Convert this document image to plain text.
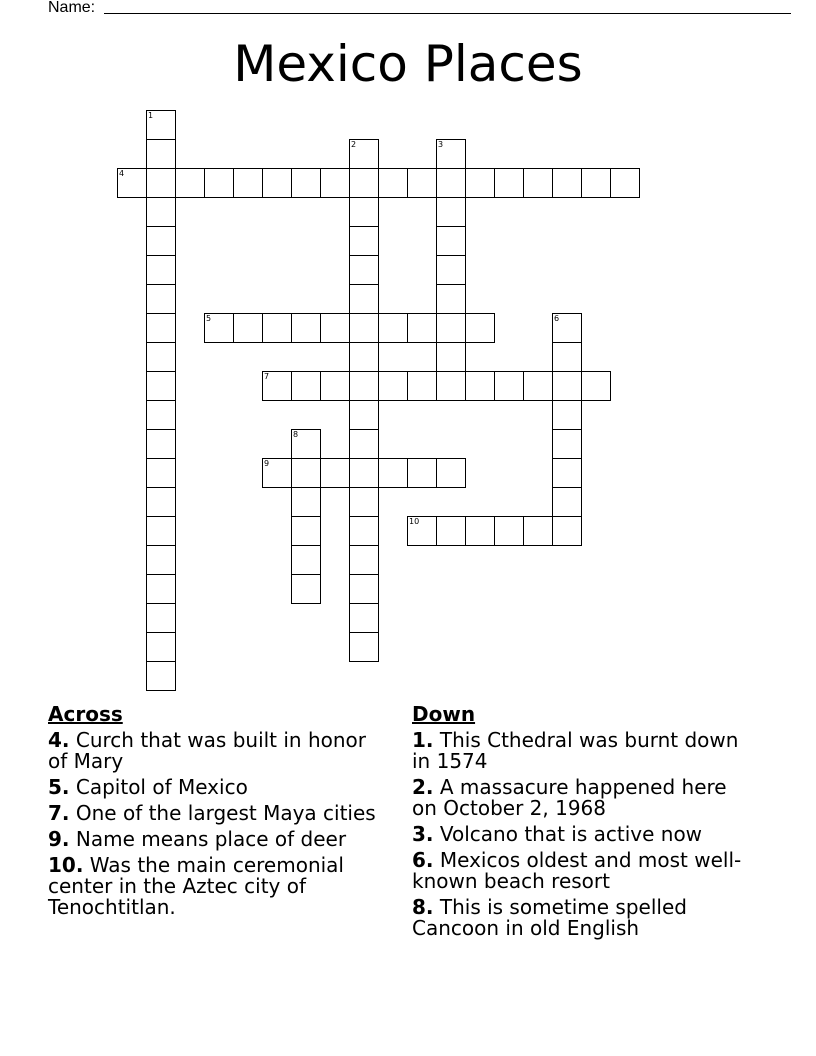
Name:
Mexico Places
1
2	3
4
5	6
7
8
9
10
Across
4. Curch that was built in honor of Mary
5. Capitol of Mexico
7. One of the largest Maya cities
9. Name means place of deer
10. Was the main ceremonial center in the Aztec city of Tenochtitlan.
Down
1. This Cthedral was burnt down in 1574
2. A massacure happened here on October 2, 1968
3. Volcano that is active now
6. Mexicos oldest and most well-known beach resort
8. This is sometime spelled Cancoon in old English
